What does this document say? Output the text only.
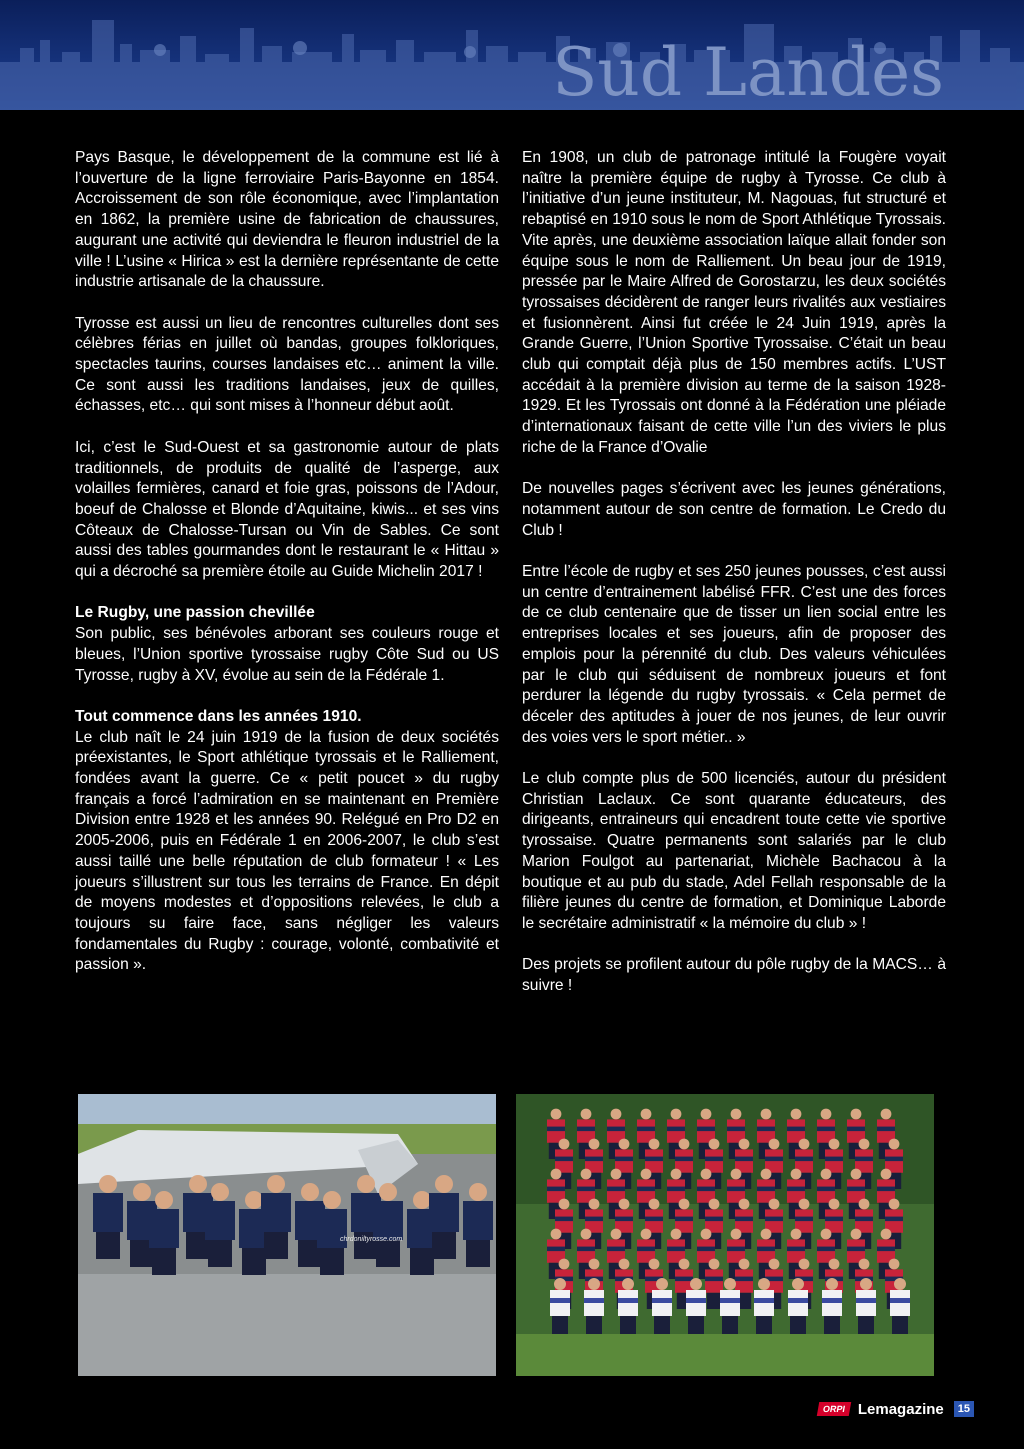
Sud Landes

Pays Basque, le développement de la commune est lié à l’ouverture de la ligne ferroviaire Paris-Bayonne en 1854. Accroissement de son rôle économique, avec l’implantation en 1862, la première usine de fabrication de chaussures, augurant une activité qui deviendra le fleuron industriel de la ville ! L’usine « Hirica » est la dernière représentante de cette industrie artisanale de la chaussure.

Tyrosse est aussi un lieu de rencontres culturelles dont ses célèbres férias en juillet où bandas, groupes folkloriques, spectacles taurins, courses landaises etc… animent la ville. Ce sont aussi les traditions landaises, jeux de quilles, échasses, etc… qui sont mises à l’honneur début août.

Ici, c’est le Sud-Ouest et sa gastronomie autour de plats traditionnels, de produits de qualité de l’asperge, aux volailles fermières, canard et foie gras, poissons de l’Adour, boeuf de Chalosse et Blonde d’Aquitaine, kiwis... et ses vins Côteaux de Chalosse-Tursan ou Vin de Sables. Ce sont aussi des tables gourmandes dont le restaurant le « Hittau » qui a décroché sa première étoile au Guide Michelin 2017 !

Le Rugby, une passion chevillée
Son public, ses bénévoles arborant ses couleurs rouge et bleues, l’Union sportive tyrossaise rugby Côte Sud ou US Tyrosse, rugby à XV, évolue au sein de la Fédérale 1.

Tout commence dans les années 1910.
Le club naît le 24 juin 1919 de la fusion de deux sociétés préexistantes, le Sport athlétique tyrossais et le Ralliement, fondées avant la guerre. Ce « petit poucet » du rugby français a forcé l’admiration en se maintenant en Première Division entre 1928 et les années 90. Relégué en Pro D2 en 2005-2006, puis en Fédérale 1 en 2006-2007, le club s’est aussi taillé une belle réputation de club formateur ! « Les joueurs s’illustrent sur tous les terrains de France. En dépit de moyens modestes et d’oppositions relevées, le club a toujours su faire face, sans négliger les valeurs fondamentales du Rugby : courage, volonté, combativité et passion ».

En 1908, un club de patronage intitulé la Fougère voyait naître la première équipe de rugby à Tyrosse. Ce club à l’initiative d’un jeune instituteur, M. Nagouas, fut structuré et rebaptisé en 1910 sous le nom de Sport Athlétique Tyrossais. Vite après, une deuxième association laïque allait fonder son équipe sous le nom de Ralliement. Un beau jour de 1919, pressée par le Maire Alfred de Gorostarzu, les deux sociétés tyrossaises décidèrent de ranger leurs rivalités aux vestiaires et fusionnèrent. Ainsi fut créée le 24 Juin 1919, après la Grande Guerre, l’Union Sportive Tyrossaise. C’était un beau club qui comptait déjà plus de 150 membres actifs. L’UST accédait à la première division au terme de la saison 1928-1929. Et les Tyrossais ont donné à la Fédération une pléiade d’internationaux faisant de cette ville l’un des viviers le plus riche de la France d’Ovalie

De nouvelles pages s’écrivent avec les jeunes générations, notamment autour de son centre de formation. Le Credo du Club !

Entre l’école de rugby et ses 250 jeunes pousses, c’est aussi un centre d’entrainement labélisé FFR. C’est une des forces de ce club centenaire que de tisser un lien social entre les entreprises locales et ses joueurs, afin de proposer des emplois pour la pérennité du club. Des valeurs véhiculées par le club qui séduisent de nombreux joueurs et font perdurer la légende du rugby tyrossais. « Cela permet de déceler des aptitudes à jouer de nos jeunes, de leur ouvrir des voies vers le sport métier.. »

Le club compte plus de 500 licenciés, autour du président Christian Laclaux. Ce sont quarante éducateurs, des dirigeants, entraineurs qui encadrent toute cette vie sportive tyrossaise. Quatre permanents sont salariés par le club Marion Foulgot au partenariat, Michèle Bachacou à la boutique et au pub du stade, Adel Fellah responsable de la filière jeunes du centre de formation, et Dominique Laborde le secrétaire administratif « la mémoire du club » !

Des projets se profilent autour du pôle rugby de la MACS… à suivre !

chrdoniltyrosse.com
ORPI Lemagazine	15
